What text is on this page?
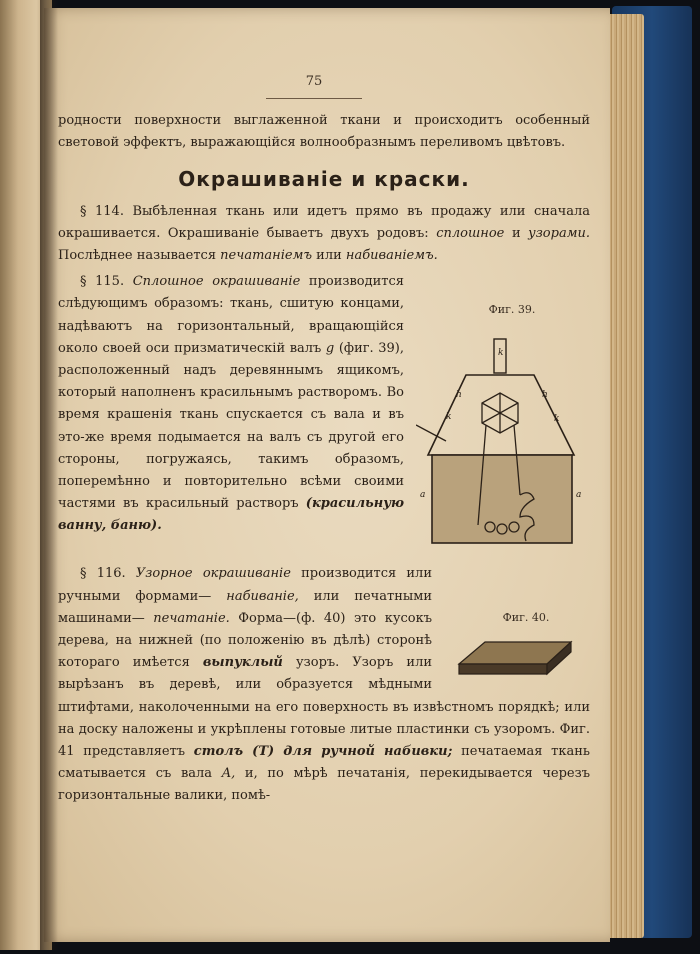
75

родности поверхности выглаженной ткани и происходитъ особенный световой эффектъ, выражающiйся волнообразнымъ переливомъ цвѣтовъ.

Окрашиванiе и краски.

§ 114. Выбѣленная ткань или идетъ прямо въ продажу или сначала окрашивается. Окрашиванiе бываетъ двухъ родовъ: сплошное и узорами. Послѣднее называется печатанiемъ или набиванiемъ.

Фиг. 39.
k
h	h
k	k
a	a
§ 115. Сплошное окрашиванiе производится слѣдующимъ образомъ: ткань, сшитую концами, надѣваютъ на горизонтальный, вращающiйся около своей оси призматическiй валъ g (фиг. 39), расположенный надъ деревяннымъ ящикомъ, который наполненъ красильнымъ растворомъ. Во время крашенiя ткань спускается съ вала и въ это-же время подымается на валъ съ другой его стороны, погружаясь, такимъ образомъ, поперемѣнно и повторительно всѣми своими частями въ красильный растворъ (красильную ванну, баню).

Фиг. 40.
§ 116. Узорное окрашиванiе производится или ручными формами— набиванiе, или печатными машинами— печатанiе. Форма—(ф. 40) это кусокъ дерева, на нижней (по положенiю въ дѣлѣ) сторонѣ котораго имѣется выпуклый узоръ. Узоръ или вырѣзанъ въ деревѣ, или образуется мѣдными штифтами, наколоченными на его поверхность въ извѣстномъ порядкѣ; или на доску наложены и укрѣплены готовые литые пластинки съ узоромъ. Фиг. 41 представляетъ столъ (T) для ручной набивки; печатаемая ткань сматывается съ вала A, и, по мѣрѣ печатанiя, перекидывается черезъ горизонтальные валики, помѣ-
